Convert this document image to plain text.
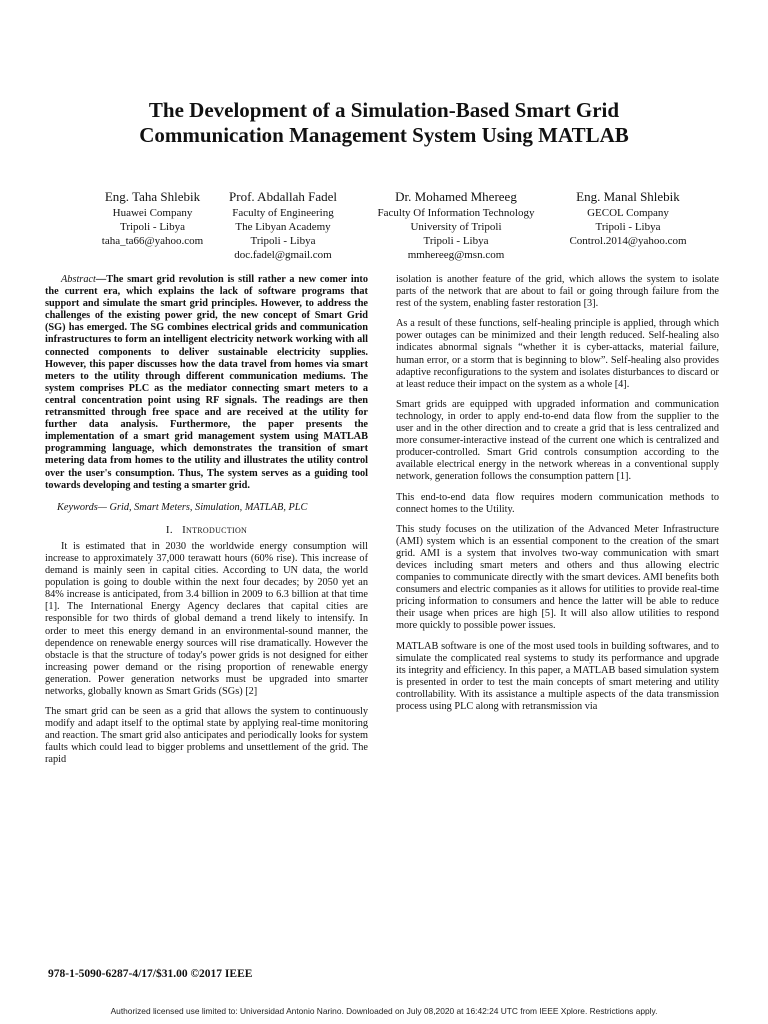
The Development of a Simulation-Based Smart Grid
Communication Management System Using MATLAB
Eng. Taha Shlebik
Huawei Company
Tripoli - Libya
taha_ta66@yahoo.com
Prof. Abdallah Fadel
Faculty of Engineering
The Libyan Academy
Tripoli - Libya
doc.fadel@gmail.com
Dr. Mohamed Mhereeg
Faculty Of Information Technology
University of Tripoli
Tripoli - Libya
mmhereeg@msn.com
Eng. Manal Shlebik
GECOL Company
Tripoli - Libya
Control.2014@yahoo.com

Abstract—The smart grid revolution is still rather a new comer into the current era, which explains the lack of software programs that support and simulate the smart grid principles. However, to address the challenges of the existing power grid, the new concept of Smart Grid (SG) has emerged. The SG combines electrical grids and communication infrastructures to form an intelligent electricity network working with all connected components to deliver sustainable electricity supplies. However, this paper discusses how the data travel from homes via smart meters to the utility through different communication mediums. The system comprises PLC as the mediator connecting smart meters to a central concentration point using RF signals. The readings are then retransmitted through free space and are received at the utility for further data analysis. Furthermore, the paper presents the implementation of a smart grid management system using MATLAB programming language, which demonstrates the transition of smart metering data from homes to the utility and illustrates the utility control over the user's consumption. Thus, The system serves as a guiding tool towards developing and testing a smarter grid.

Keywords— Grid, Smart Meters, Simulation, MATLAB, PLC

I. Introduction

It is estimated that in 2030 the worldwide energy consumption will increase to approximately 37,000 terawatt hours (60% rise). This increase of demand is mainly seen in capital cities. According to UN data, the world population is going to double within the next four decades; by 2050 yet an 84% increase is anticipated, from 3.4 billion in 2009 to 6.3 billion at that time [1]. The International Energy Agency declares that capital cities are responsible for two thirds of global demand a trend likely to intensify. In order to meet this energy demand in an environmental-sound manner, the dependence on renewable energy sources will rise dramatically. However the obstacle is that the structure of today's power grids is not designed for either increasing power demand or the rising proportion of renewable energy generation. Power generation networks must be upgraded into smarter networks, globally known as Smart Grids (SGs) [2]

The smart grid can be seen as a grid that allows the system to continuously modify and adapt itself to the optimal state by applying real-time monitoring and reaction. The smart grid also anticipates and periodically looks for system faults which could lead to bigger problems and unsettlement of the grid. The rapid

isolation is another feature of the grid, which allows the system to isolate parts of the network that are about to fail or going through failure from the rest of the system, enabling faster restoration [3].

As a result of these functions, self-healing principle is applied, through which power outages can be minimized and their length reduced. Self-healing also indicates abnormal signals “whether it is cyber-attacks, material failure, human error, or a storm that is beginning to blow”. Self-healing also provides adaptive reconfigurations to the system and isolates disturbances to discard or at least reduce their impact on the system as a whole [4].

Smart grids are equipped with upgraded information and communication technology, in order to apply end-to-end data flow from the supplier to the user and in the other direction and to create a grid that is less centralized and more consumer-interactive instead of the current one which is centralized and producer-controlled. Smart Grid controls consumption according to the available electrical energy in the network whereas in a conventional supply network, generation follows the consumption pattern [1].

This end-to-end data flow requires modern communication methods to connect homes to the Utility.

This study focuses on the utilization of the Advanced Meter Infrastructure (AMI) system which is an essential component to the creation of the smart grid. AMI is a system that involves two-way communication with smart devices including smart meters and others and thus allowing electric companies to communicate directly with the smart devices. AMI benefits both consumers and electric companies as it allows for utilities to provide real-time pricing information to consumers and hence the latter will be able to reduce their usage when prices are high [5]. It will also allow utilities to respond more quickly to possible power issues.

MATLAB software is one of the most used tools in building softwares, and to simulate the complicated real systems to study its performance and upgrade its integrity and efficiency. In this paper, a MATLAB based simulation system is presented in order to test the main concepts of smart metering and utility controllability. With its assistance a multiple aspects of the data transmission process using PLC along with retransmission via

978-1-5090-6287-4/17/$31.00 ©2017 IEEE
Authorized licensed use limited to: Universidad Antonio Narino. Downloaded on July 08,2020 at 16:42:24 UTC from IEEE Xplore. Restrictions apply.
